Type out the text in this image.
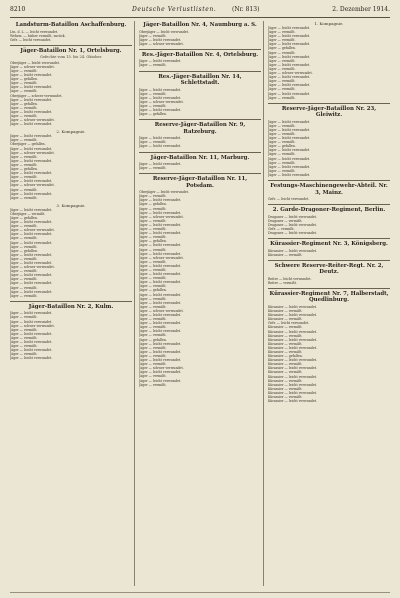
8210	Deutsche Verlustlisten.	(Nr. 813)	2. Dezember 1914.
Landsturm-Bataillon Aschaffenburg.
Ltn. d. L. — leicht verwundet.
Wehrm. — bisher vermißt, zurück.
Gefr. — leicht verwundet.
Jäger-Bataillon Nr. 1, Ortelsburg.
Gefechte vom 15. bis 24. Oktober.
Oberjäger — leicht verwundet.
Jäger — schwer verwundet.
Jäger — vermißt.
Jäger — leicht verwundet.
Jäger — gefallen.
Jäger — vermißt.
Jäger — leicht verwundet.
Jäger — vermißt.
Oberjäger — schwer verwundet.
Jäger — leicht verwundet.
Jäger — gefallen.
Jäger — vermißt.
Jäger — leicht verwundet.
Jäger — vermißt.
Jäger — schwer verwundet.
Jäger — leicht verwundet.
2. Kompagnie.
Jäger — leicht verwundet.
Jäger — vermißt.
Oberjäger — gefallen.
Jäger — leicht verwundet.
Jäger — schwer verwundet.
Jäger — vermißt.
Jäger — leicht verwundet.
Jäger — vermißt.
Jäger — gefallen.
Jäger — leicht verwundet.
Jäger — vermißt.
Jäger — leicht verwundet.
Jäger — schwer verwundet.
Jäger — vermißt.
Jäger — leicht verwundet.
Jäger — vermißt.
3. Kompagnie.
Jäger — leicht verwundet.
Oberjäger — vermißt.
Jäger — gefallen.
Jäger — leicht verwundet.
Jäger — vermißt.
Jäger — schwer verwundet.
Jäger — leicht verwundet.
Jäger — vermißt.
Jäger — leicht verwundet.
Jäger — vermißt.
Jäger — gefallen.
Jäger — leicht verwundet.
Jäger — vermißt.
Jäger — leicht verwundet.
Jäger — schwer verwundet.
Jäger — vermißt.
Jäger — leicht verwundet.
Jäger — vermißt.
Jäger — leicht verwundet.
Jäger — vermißt.
Jäger — leicht verwundet.
Jäger — vermißt.
Jäger-Bataillon Nr. 2, Kulm.
Jäger — leicht verwundet.
Jäger — vermißt.
Jäger — leicht verwundet.
Jäger — schwer verwundet.
Jäger — vermißt.
Jäger — leicht verwundet.
Jäger — vermißt.
Jäger — leicht verwundet.
Jäger — vermißt.
Jäger — leicht verwundet.
Jäger — vermißt.
Jäger — leicht verwundet.
Jäger-Bataillon Nr. 4, Naumburg a. S.
Oberjäger — leicht verwundet.
Jäger — vermißt.
Jäger — leicht verwundet.
Jäger — schwer verwundet.
Res.-Jäger-Bataillon Nr. 4, Ortelsburg.
Jäger — leicht verwundet.
Jäger — vermißt.
Res.-Jäger-Bataillon Nr. 14, Schlettstadt.
Jäger — leicht verwundet.
Jäger — vermißt.
Jäger — leicht verwundet.
Jäger — schwer verwundet.
Jäger — vermißt.
Jäger — leicht verwundet.
Jäger — gefallen.
Reserve-Jäger-Bataillon Nr. 9, Ratzeburg.
Jäger — leicht verwundet.
Jäger — vermißt.
Jäger — leicht verwundet.
Jäger-Bataillon Nr. 11, Marburg.
Jäger — leicht verwundet.
Jäger — vermißt.
Reserve-Jäger-Bataillon Nr. 11, Potsdam.
Oberjäger — leicht verwundet.
Jäger — vermißt.
Jäger — leicht verwundet.
Jäger — gefallen.
Jäger — vermißt.
Jäger — leicht verwundet.
Jäger — schwer verwundet.
Jäger — vermißt.
Jäger — leicht verwundet.
Jäger — vermißt.
Jäger — leicht verwundet.
Jäger — vermißt.
Jäger — gefallen.
Jäger — leicht verwundet.
Jäger — vermißt.
Jäger — leicht verwundet.
Jäger — schwer verwundet.
Jäger — vermißt.
Jäger — leicht verwundet.
Jäger — vermißt.
Jäger — leicht verwundet.
Jäger — vermißt.
Jäger — leicht verwundet.
Jäger — vermißt.
Jäger — gefallen.
Jäger — leicht verwundet.
Jäger — vermißt.
Jäger — leicht verwundet.
Jäger — vermißt.
Jäger — schwer verwundet.
Jäger — leicht verwundet.
Jäger — vermißt.
Jäger — leicht verwundet.
Jäger — vermißt.
Jäger — leicht verwundet.
Jäger — vermißt.
Jäger — gefallen.
Jäger — leicht verwundet.
Jäger — vermißt.
Jäger — leicht verwundet.
Jäger — vermißt.
Jäger — leicht verwundet.
Jäger — vermißt.
Jäger — schwer verwundet.
Jäger — leicht verwundet.
Jäger — vermißt.
Jäger — leicht verwundet.
Jäger — vermißt.
1. Kompagnie.
Jäger — leicht verwundet.
Jäger — vermißt.
Jäger — leicht verwundet.
Jäger — vermißt.
Jäger — leicht verwundet.
Jäger — gefallen.
Jäger — vermißt.
Jäger — leicht verwundet.
Jäger — vermißt.
Jäger — leicht verwundet.
Jäger — vermißt.
Jäger — schwer verwundet.
Jäger — leicht verwundet.
Jäger — vermißt.
Jäger — leicht verwundet.
Jäger — vermißt.
Jäger — leicht verwundet.
Jäger — vermißt.
Reserve-Jäger-Bataillon Nr. 23, Gleiwitz.
Jäger — leicht verwundet.
Jäger — vermißt.
Jäger — leicht verwundet.
Jäger — vermißt.
Jäger — leicht verwundet.
Jäger — vermißt.
Jäger — gefallen.
Jäger — leicht verwundet.
Jäger — vermißt.
Jäger — leicht verwundet.
Jäger — vermißt.
Jäger — leicht verwundet.
Jäger — vermißt.
Jäger — leicht verwundet.
Festungs-Maschinengewehr-Abteil. Nr. 3, Mainz.
Gefr. — leicht verwundet.
2. Garde-Dragoner-Regiment, Berlin.
Dragoner — leicht verwundet.
Dragoner — vermißt.
Dragoner — leicht verwundet.
Gefr. — vermißt.
Dragoner — leicht verwundet.
Kürassier-Regiment Nr. 3, Königsberg.
Kürassier — leicht verwundet.
Kürassier — vermißt.
Schwere Reserve-Reiter-Regt. Nr. 2, Deutz.
Reiter — leicht verwundet.
Reiter — vermißt.
Kürassier-Regiment Nr. 7, Halberstadt, Quedlinburg.
Kürassier — leicht verwundet.
Kürassier — vermißt.
Kürassier — leicht verwundet.
Kürassier — vermißt.
Gefr. — leicht verwundet.
Kürassier — vermißt.
Kürassier — leicht verwundet.
Kürassier — vermißt.
Kürassier — leicht verwundet.
Kürassier — vermißt.
Kürassier — leicht verwundet.
Kürassier — vermißt.
Kürassier — gefallen.
Kürassier — leicht verwundet.
Kürassier — vermißt.
Kürassier — leicht verwundet.
Kürassier — vermißt.
Kürassier — leicht verwundet.
Kürassier — vermißt.
Kürassier — leicht verwundet.
Kürassier — vermißt.
Kürassier — leicht verwundet.
Kürassier — vermißt.
Kürassier — leicht verwundet.
